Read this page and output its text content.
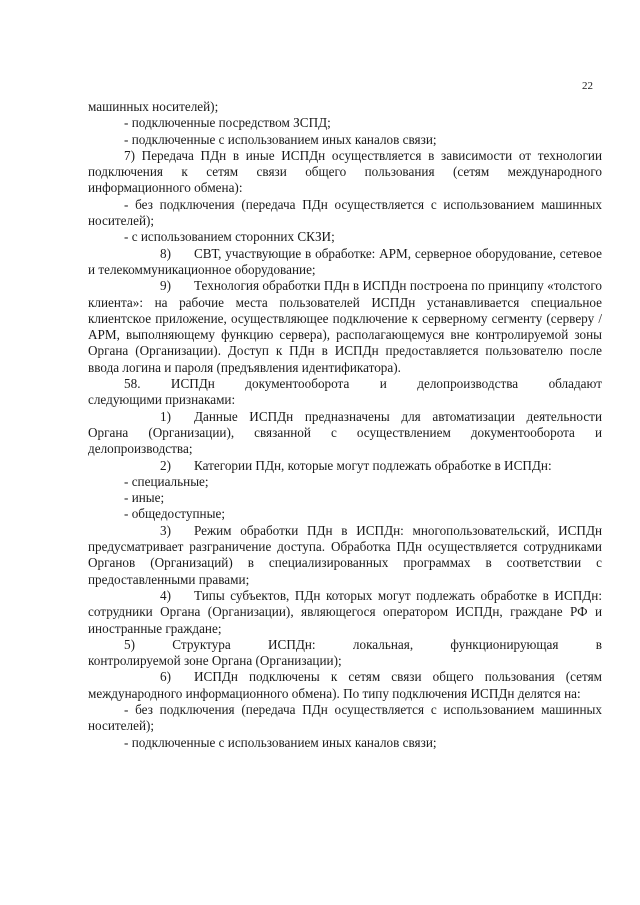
22

машинных носителей);

- подключенные посредством ЗСПД;

- подключенные с использованием иных каналов связи;

7) Передача ПДн в иные ИСПДн осуществляется в зависимости от технологии подключения к сетям связи общего пользования (сетям международного информационного обмена):

- без подключения (передача ПДн осуществляется с использованием машинных носителей);

- с использованием сторонних СКЗИ;

8) СВТ, участвующие в обработке: АРМ, серверное оборудование, сетевое и телекоммуникационное оборудование;

9) Технология обработки ПДн в ИСПДн построена по принципу «толстого клиента»: на рабочие места пользователей ИСПДн устанавливается специальное клиентское приложение, осуществляющее подключение к серверному сегменту (серверу / АРМ, выполняющему функцию сервера), располагающемуся вне контролируемой зоны Органа (Организации). Доступ к ПДн в ИСПДн предоставляется пользователю после ввода логина и пароля (предъявления идентификатора).

58. ИСПДн документооборота и делопроизводства обладают
следующими признаками:

1) Данные ИСПДн предназначены для автоматизации деятельности Органа (Организации), связанной с осуществлением документооборота и делопроизводства;

2) Категории ПДн, которые могут подлежать обработке в ИСПДн:

- специальные;

- иные;

- общедоступные;

3) Режим обработки ПДн в ИСПДн: многопользовательский, ИСПДн предусматривает разграничение доступа. Обработка ПДн осуществляется сотрудниками Органов (Организаций) в специализированных программах в соответствии с предоставленными правами;

4) Типы субъектов, ПДн которых могут подлежать обработке в ИСПДн: сотрудники Органа (Организации), являющегося оператором ИСПДн, граждане РФ и иностранные граждане;

5)	Структура	ИСПДн:	локальная,	функционирующая	в
контролируемой зоне Органа (Организации);

6) ИСПДн подключены к сетям связи общего пользования (сетям международного информационного обмена). По типу подключения ИСПДн делятся на:

- без подключения (передача ПДн осуществляется с использованием машинных носителей);

- подключенные с использованием иных каналов связи;
